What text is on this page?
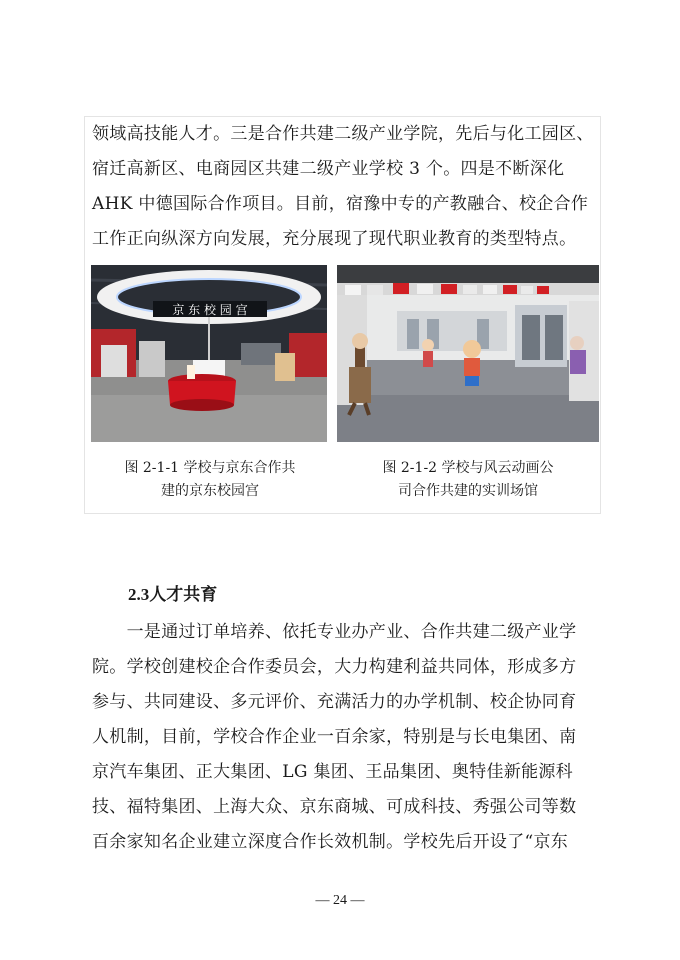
领域高技能人才。三是合作共建二级产业学院，先后与化工园区、
宿迁高新区、电商园区共建二级产业学校 3 个。四是不断深化
AHK 中德国际合作项目。目前，宿豫中专的产教融合、校企合作
工作正向纵深方向发展，充分展现了现代职业教育的类型特点。
京 东 校 园 宫
图 2-1-1 学校与京东合作共
建的京东校园宫
图 2-1-2 学校与风云动画公
司合作共建的实训场馆
2.3人才共育
　　一是通过订单培养、依托专业办产业、合作共建二级产业学
院。学校创建校企合作委员会，大力构建利益共同体，形成多方
参与、共同建设、多元评价、充满活力的办学机制、校企协同育
人机制，目前，学校合作企业一百余家，特别是与长电集团、南
京汽车集团、正大集团、LG 集团、王品集团、奥特佳新能源科
技、福特集团、上海大众、京东商城、可成科技、秀强公司等数
百余家知名企业建立深度合作长效机制。学校先后开设了“京东
— 24 —
